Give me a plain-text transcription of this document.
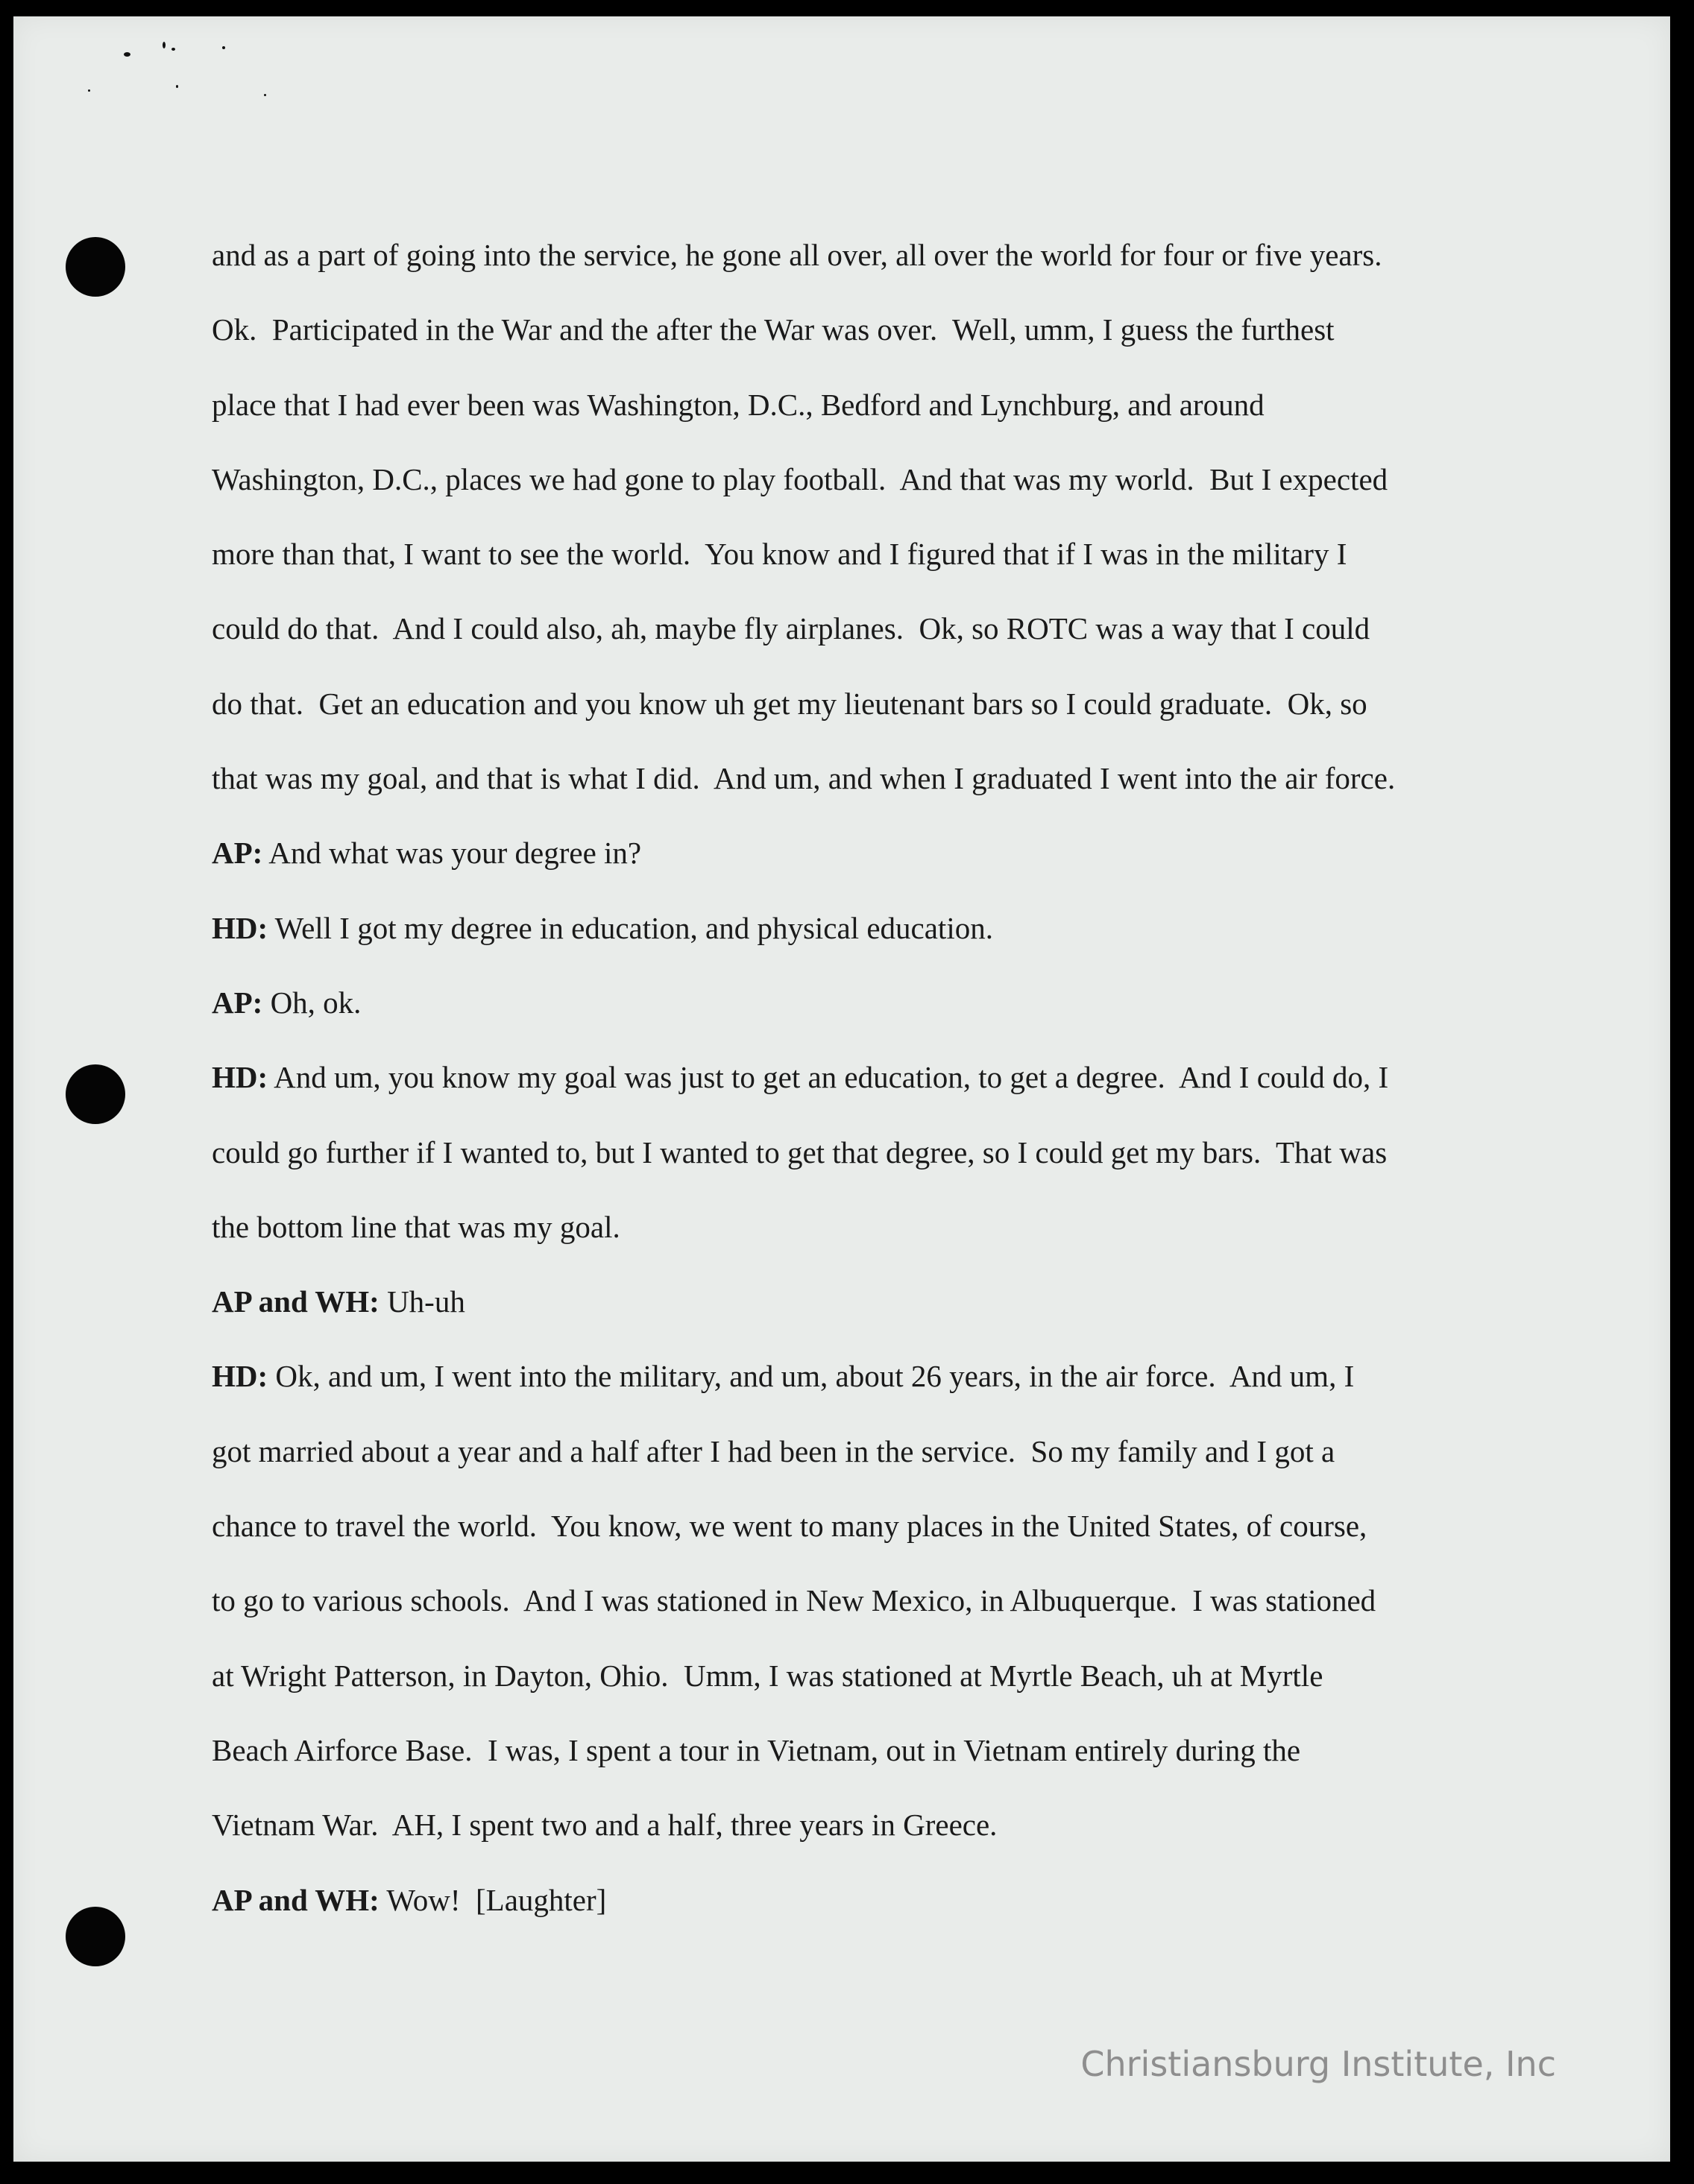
and as a part of going into the service, he gone all over, all over the world for four or five years.
Ok.  Participated in the War and the after the War was over.  Well, umm, I guess the furthest
place that I had ever been was Washington, D.C., Bedford and Lynchburg, and around
Washington, D.C., places we had gone to play football.  And that was my world.  But I expected
more than that, I want to see the world.  You know and I figured that if I was in the military I
could do that.  And I could also, ah, maybe fly airplanes.  Ok, so ROTC was a way that I could
do that.  Get an education and you know uh get my lieutenant bars so I could graduate.  Ok, so
that was my goal, and that is what I did.  And um, and when I graduated I went into the air force.
AP: And what was your degree in?
HD: Well I got my degree in education, and physical education.
AP: Oh, ok.
HD: And um, you know my goal was just to get an education, to get a degree.  And I could do, I
could go further if I wanted to, but I wanted to get that degree, so I could get my bars.  That was
the bottom line that was my goal.
AP and WH: Uh-uh
HD: Ok, and um, I went into the military, and um, about 26 years, in the air force.  And um, I
got married about a year and a half after I had been in the service.  So my family and I got a
chance to travel the world.  You know, we went to many places in the United States, of course,
to go to various schools.  And I was stationed in New Mexico, in Albuquerque.  I was stationed
at Wright Patterson, in Dayton, Ohio.  Umm, I was stationed at Myrtle Beach, uh at Myrtle
Beach Airforce Base.  I was, I spent a tour in Vietnam, out in Vietnam entirely during the
Vietnam War.  AH, I spent two and a half, three years in Greece.
AP and WH: Wow!  [Laughter]
Christiansburg Institute, Inc
